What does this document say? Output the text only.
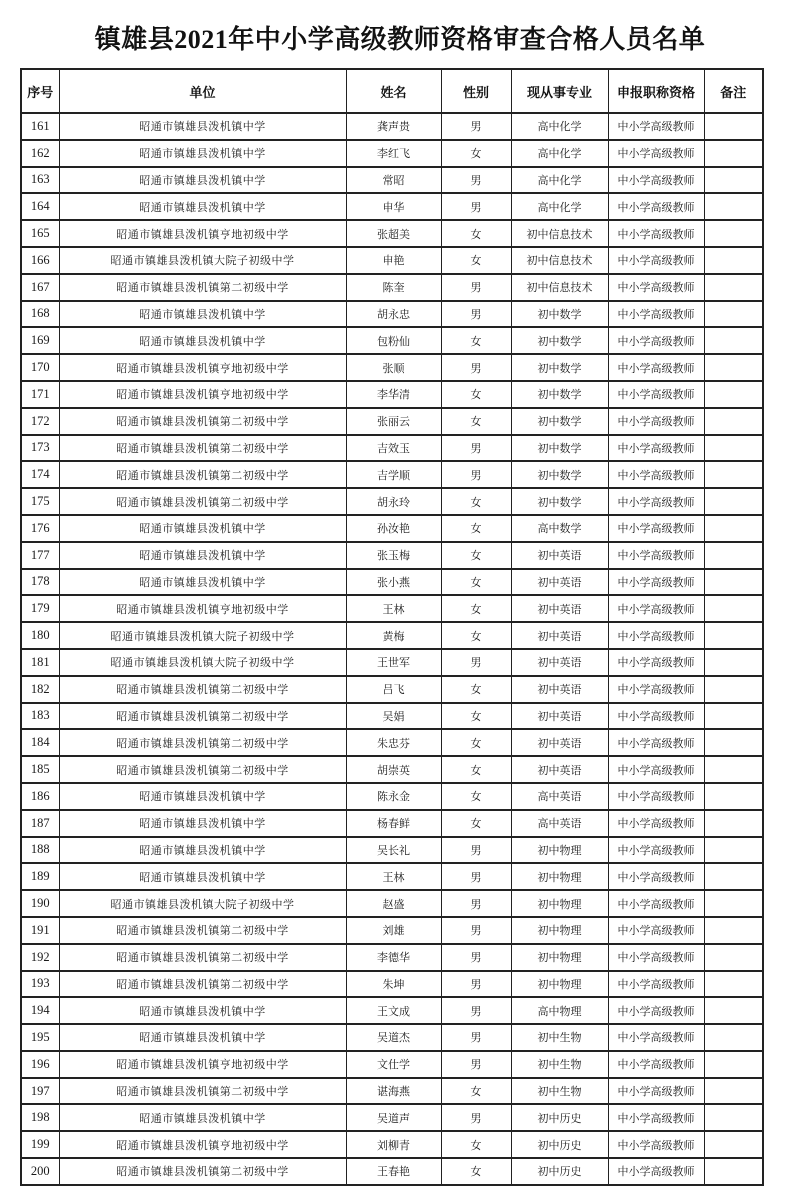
镇雄县2021年中小学高级教师资格审查合格人员名单
序号	单位	姓名	性别	现从事专业	申报职称资格	备注
161	昭通市镇雄县泼机镇中学	龚声贵	男	高中化学	中小学高级教师	
162	昭通市镇雄县泼机镇中学	李红飞	女	高中化学	中小学高级教师	
163	昭通市镇雄县泼机镇中学	常昭	男	高中化学	中小学高级教师	
164	昭通市镇雄县泼机镇中学	申华	男	高中化学	中小学高级教师	
165	昭通市镇雄县泼机镇亨地初级中学	张超美	女	初中信息技术	中小学高级教师	
166	昭通市镇雄县泼机镇大院子初级中学	申艳	女	初中信息技术	中小学高级教师	
167	昭通市镇雄县泼机镇第二初级中学	陈奎	男	初中信息技术	中小学高级教师	
168	昭通市镇雄县泼机镇中学	胡永忠	男	初中数学	中小学高级教师	
169	昭通市镇雄县泼机镇中学	包粉仙	女	初中数学	中小学高级教师	
170	昭通市镇雄县泼机镇亨地初级中学	张顺	男	初中数学	中小学高级教师	
171	昭通市镇雄县泼机镇亨地初级中学	李华清	女	初中数学	中小学高级教师	
172	昭通市镇雄县泼机镇第二初级中学	张丽云	女	初中数学	中小学高级教师	
173	昭通市镇雄县泼机镇第二初级中学	吉效玉	男	初中数学	中小学高级教师	
174	昭通市镇雄县泼机镇第二初级中学	吉学顺	男	初中数学	中小学高级教师	
175	昭通市镇雄县泼机镇第二初级中学	胡永玲	女	初中数学	中小学高级教师	
176	昭通市镇雄县泼机镇中学	孙汝艳	女	高中数学	中小学高级教师	
177	昭通市镇雄县泼机镇中学	张玉梅	女	初中英语	中小学高级教师	
178	昭通市镇雄县泼机镇中学	张小燕	女	初中英语	中小学高级教师	
179	昭通市镇雄县泼机镇亨地初级中学	王林	女	初中英语	中小学高级教师	
180	昭通市镇雄县泼机镇大院子初级中学	黄梅	女	初中英语	中小学高级教师	
181	昭通市镇雄县泼机镇大院子初级中学	王世军	男	初中英语	中小学高级教师	
182	昭通市镇雄县泼机镇第二初级中学	吕飞	女	初中英语	中小学高级教师	
183	昭通市镇雄县泼机镇第二初级中学	吴娟	女	初中英语	中小学高级教师	
184	昭通市镇雄县泼机镇第二初级中学	朱忠芬	女	初中英语	中小学高级教师	
185	昭通市镇雄县泼机镇第二初级中学	胡崇英	女	初中英语	中小学高级教师	
186	昭通市镇雄县泼机镇中学	陈永金	女	高中英语	中小学高级教师	
187	昭通市镇雄县泼机镇中学	杨春鲜	女	高中英语	中小学高级教师	
188	昭通市镇雄县泼机镇中学	吴长礼	男	初中物理	中小学高级教师	
189	昭通市镇雄县泼机镇中学	王林	男	初中物理	中小学高级教师	
190	昭通市镇雄县泼机镇大院子初级中学	赵盛	男	初中物理	中小学高级教师	
191	昭通市镇雄县泼机镇第二初级中学	刘雄	男	初中物理	中小学高级教师	
192	昭通市镇雄县泼机镇第二初级中学	李德华	男	初中物理	中小学高级教师	
193	昭通市镇雄县泼机镇第二初级中学	朱坤	男	初中物理	中小学高级教师	
194	昭通市镇雄县泼机镇中学	王文成	男	高中物理	中小学高级教师	
195	昭通市镇雄县泼机镇中学	吴道杰	男	初中生物	中小学高级教师	
196	昭通市镇雄县泼机镇亨地初级中学	文仕学	男	初中生物	中小学高级教师	
197	昭通市镇雄县泼机镇第二初级中学	谌海燕	女	初中生物	中小学高级教师	
198	昭通市镇雄县泼机镇中学	吴道声	男	初中历史	中小学高级教师	
199	昭通市镇雄县泼机镇亨地初级中学	刘柳青	女	初中历史	中小学高级教师	
200	昭通市镇雄县泼机镇第二初级中学	王春艳	女	初中历史	中小学高级教师	
